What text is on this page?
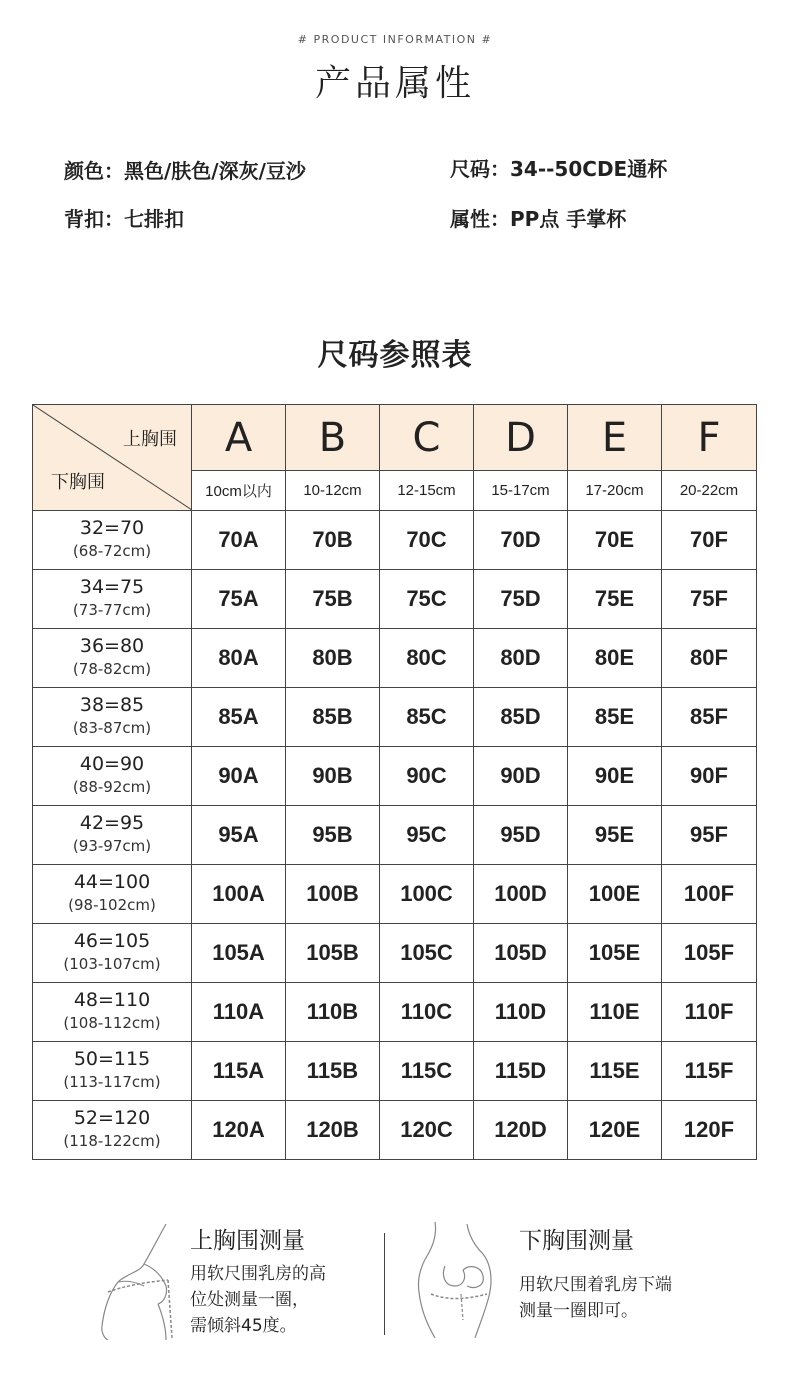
# PRODUCT INFORMATION #
产品属性
颜色：黑色/肤色/深灰/豆沙	尺码：34--50CDE通杯
背扣：七排扣	属性：PP点 手掌杯
尺码参照表
上胸围
下胸围	A	B	C	D	E	F
	10cm以内	10-12cm	12-15cm	15-17cm	17-20cm	20-22cm

32=70
(68-72cm)	70A	70B	70C	70D	70E	70F

34=75
(73-77cm)	75A	75B	75C	75D	75E	75F

36=80
(78-82cm)	80A	80B	80C	80D	80E	80F

38=85
(83-87cm)	85A	85B	85C	85D	85E	85F

40=90
(88-92cm)	90A	90B	90C	90D	90E	90F

42=95
(93-97cm)	95A	95B	95C	95D	95E	95F

44=100
(98-102cm)	100A	100B	100C	100D	100E	100F

46=105
(103-107cm)	105A	105B	105C	105D	105E	105F

48=110
(108-112cm)	110A	110B	110C	110D	110E	110F

50=115
(113-117cm)	115A	115B	115C	115D	115E	115F

52=120
(118-122cm)	120A	120B	120C	120D	120E	120F
上胸围测量
用软尺围乳房的高
位处测量一圈，
需倾斜45度。
下胸围测量
用软尺围着乳房下端
测量一圈即可。
